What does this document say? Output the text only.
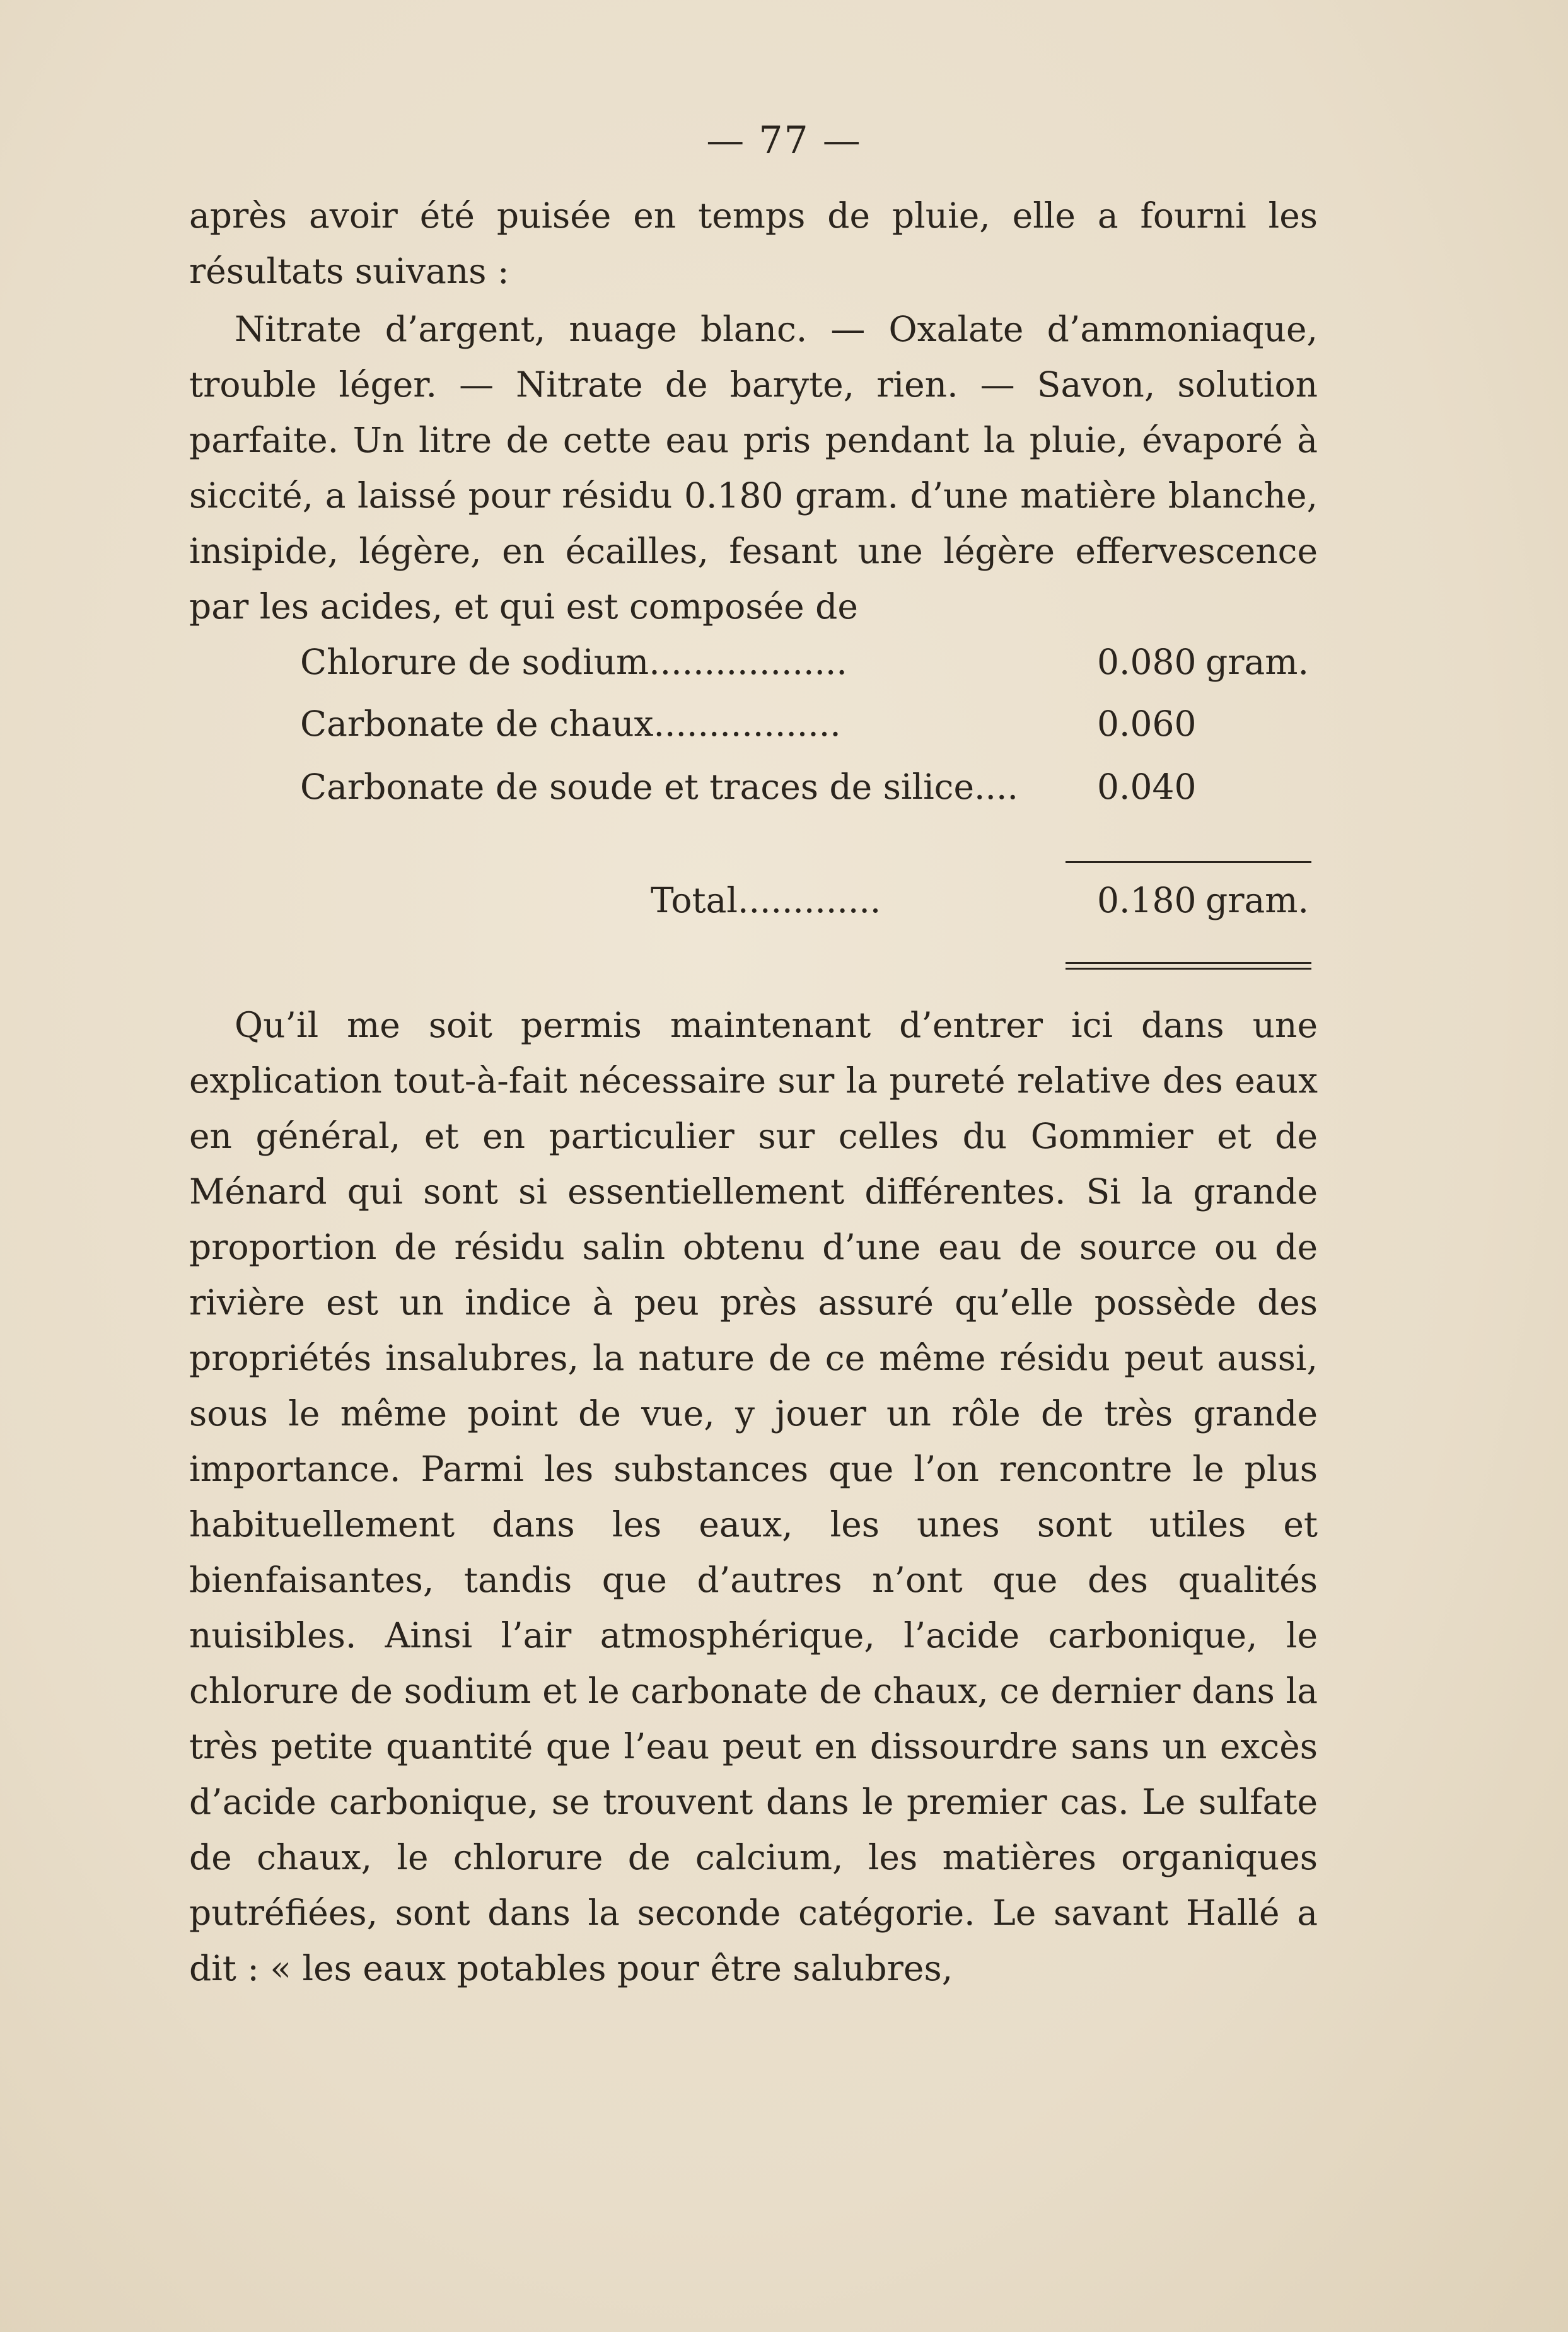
— 77 —

après avoir été puisée en temps de pluie, elle a fourni les résultats suivans :

Nitrate d’argent, nuage blanc. — Oxalate d’ammoniaque, trouble léger. — Nitrate de baryte, rien. — Savon, solution parfaite. Un litre de cette eau pris pendant la pluie, évaporé à siccité, a laissé pour résidu 0.180 gram. d’une matière blanche, insipide, légère, en écailles, fesant une légère effervescence par les acides, et qui est composée de

Chlorure de sodium..................	0.080 gram.
Carbonate de chaux.................	0.060
Carbonate de soude et traces de silice.... 0.040
Total.............	0.180 gram.

Qu’il me soit permis maintenant d’entrer ici dans une explication tout-à-fait nécessaire sur la pureté relative des eaux en général, et en particulier sur celles du Gommier et de Ménard qui sont si essentiellement différentes. Si la grande proportion de résidu salin obtenu d’une eau de source ou de rivière est un indice à peu près assuré qu’elle possède des propriétés insalubres, la nature de ce même résidu peut aussi, sous le même point de vue, y jouer un rôle de très grande importance. Parmi les substances que l’on rencontre le plus habituellement dans les eaux, les unes sont utiles et bienfaisantes, tandis que d’autres n’ont que des qualités nuisibles. Ainsi l’air atmosphérique, l’acide carbonique, le chlorure de sodium et le carbonate de chaux, ce dernier dans la très petite quantité que l’eau peut en dissourdre sans un excès d’acide carbonique, se trouvent dans le premier cas. Le sulfate de chaux, le chlorure de calcium, les matières organiques putréfiées, sont dans la seconde catégorie. Le savant Hallé a dit : « les eaux potables pour être salubres,
